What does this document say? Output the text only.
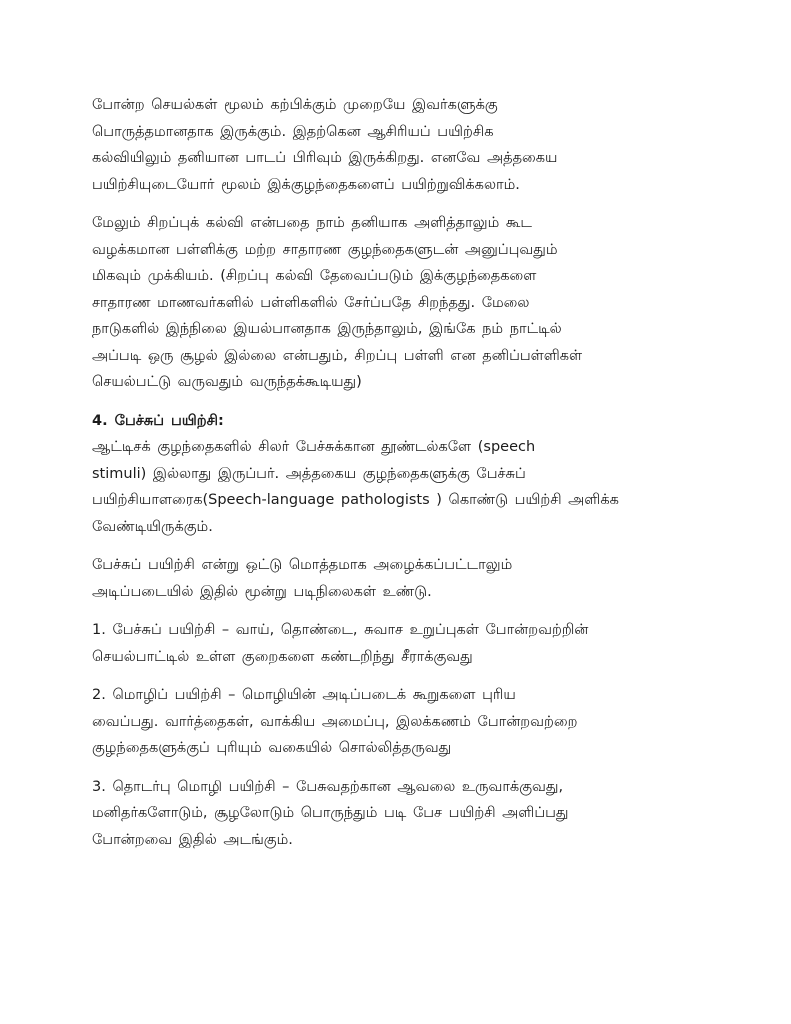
போன்ற செயல்கள் மூலம் கற்பிக்கும் முறையே இவர்களுக்கு
பொருத்தமானதாக இருக்கும். இதற்கென ஆசிரியப் பயிற்சிக
கல்வியிலும் தனியான பாடப் பிரிவும் இருக்கிறது. எனவே அத்தகைய
பயிற்சியுடையோர் மூலம் இக்குழந்தைகளைப் பயிற்றுவிக்கலாம்.

மேலும் சிறப்புக் கல்வி என்பதை நாம் தனியாக அளித்தாலும் கூட
வழக்கமான பள்ளிக்கு மற்ற சாதாரண குழந்தைகளுடன் அனுப்புவதும்
மிகவும் முக்கியம். (சிறப்பு கல்வி தேவைப்படும் இக்குழந்தைகளை
சாதாரண மாணவர்களில் பள்ளிகளில் சேர்ப்பதே சிறந்தது. மேலை
நாடுகளில் இந்நிலை இயல்பானதாக இருந்தாலும், இங்கே நம் நாட்டில்
அப்படி ஒரு சூழல் இல்லை என்பதும், சிறப்பு பள்ளி என தனிப்பள்ளிகள்
செயல்பட்டு வருவதும் வருந்தக்கூடியது)

4. பேச்சுப் பயிற்சி:
ஆட்டிசக் குழந்தைகளில் சிலர் பேச்சுக்கான தூண்டல்களே (speech
stimuli) இல்லாது இருப்பர். அத்தகைய குழந்தைகளுக்கு பேச்சுப்
பயிற்சியாளரைக(Speech-language pathologists ) கொண்டு பயிற்சி அளிக்க
வேண்டியிருக்கும்.

பேச்சுப் பயிற்சி என்று ஒட்டு மொத்தமாக அழைக்கப்பட்டாலும்
அடிப்படையில் இதில் மூன்று படிநிலைகள் உண்டு.

1. பேச்சுப் பயிற்சி – வாய், தொண்டை, சுவாச உறுப்புகள் போன்றவற்றின்
செயல்பாட்டில் உள்ள குறைகளை கண்டறிந்து சீராக்குவது

2. மொழிப் பயிற்சி – மொழியின் அடிப்படைக் கூறுகளை புரிய
வைப்பது. வார்த்தைகள், வாக்கிய அமைப்பு, இலக்கணம் போன்றவற்றை
குழந்தைகளுக்குப் புரியும் வகையில் சொல்லித்தருவது

3. தொடர்பு மொழி பயிற்சி – பேசுவதற்கான ஆவலை உருவாக்குவது,
மனிதர்களோடும், சூழலோடும் பொருந்தும் படி பேச பயிற்சி அளிப்பது
போன்றவை இதில் அடங்கும்.
